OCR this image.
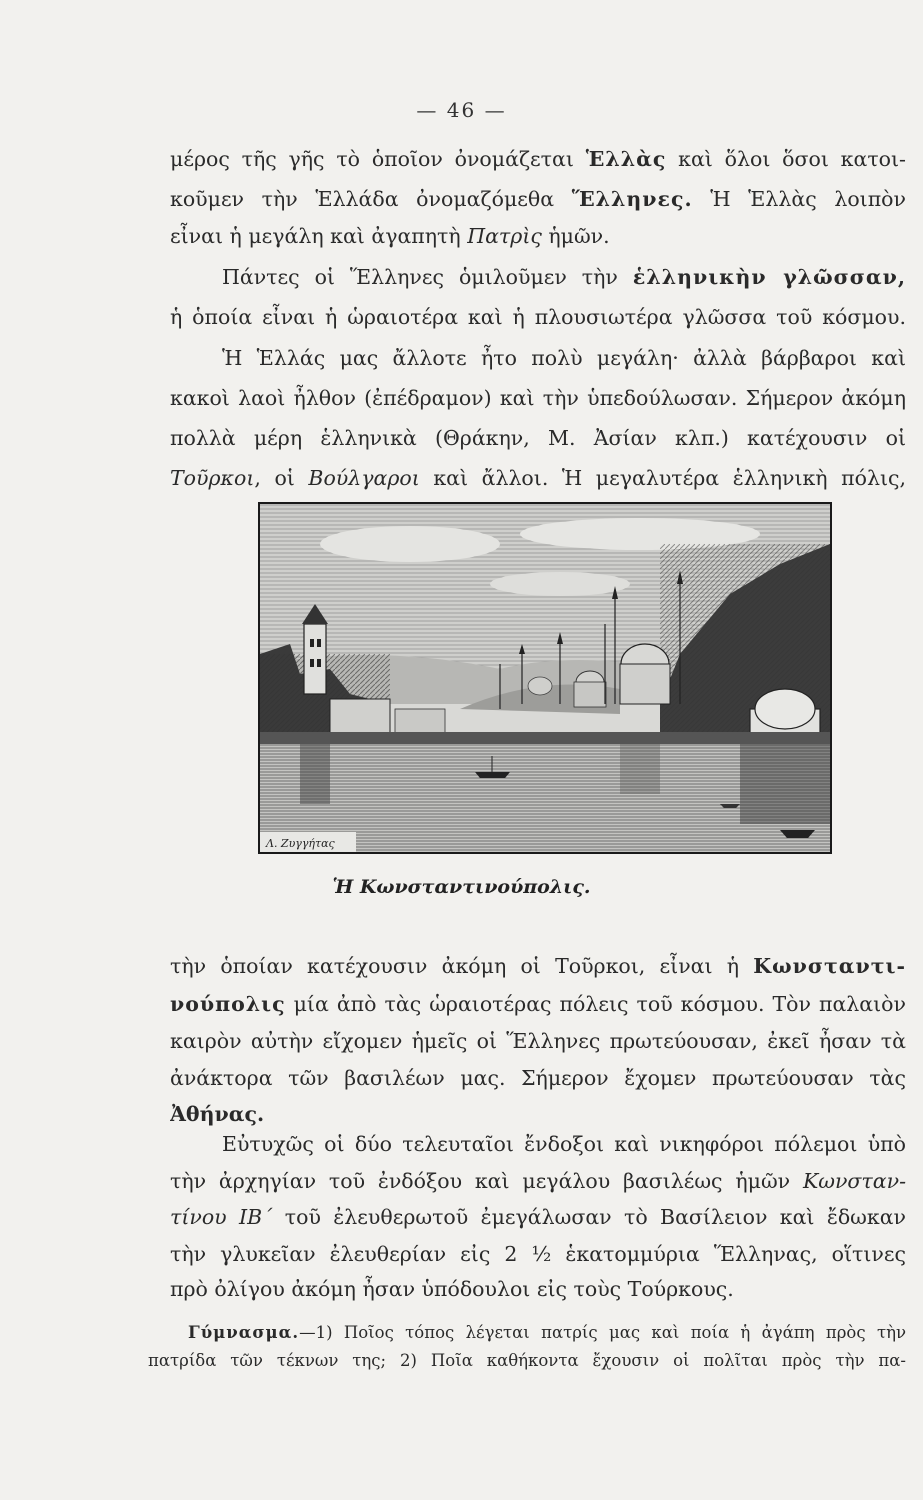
— 46 —
μέρος τῆς γῆς τὸ ὁποῖον ὀνομάζεται Ἑλλὰς καὶ ὅλοι ὅσοι κατοι-
κοῦμεν τὴν Ἑλλάδα ὀνομαζόμεθα Ἕλληνες. Ἡ Ἑλλὰς λοιπὸν
εἶναι ἡ μεγάλη καὶ ἀγαπητὴ Πατρὶς ἡμῶν.
Πάντες οἱ Ἕλληνες ὁμιλοῦμεν τὴν ἑλληνικὴν γλῶσσαν,
ἡ ὁποία εἶναι ἡ ὡραιοτέρα καὶ ἡ πλουσιωτέρα γλῶσσα τοῦ κόσμου.
Ἡ Ἑλλάς μας ἄλλοτε ἦτο πολὺ μεγάλη· ἀλλὰ βάρβαροι καὶ
κακοὶ λαοὶ ἦλθον (ἐπέδραμον) καὶ τὴν ὑπεδούλωσαν. Σήμερον ἀκόμη
πολλὰ μέρη ἑλληνικὰ (Θράκην, Μ. Ἀσίαν κλπ.) κατέχουσιν οἱ
Τοῦρκοι, οἱ Βούλγαροι καὶ ἄλλοι. Ἡ μεγαλυτέρα ἑλληνικὴ πόλις,
Λ. Ζυγγήτας
Ἡ Κωνσταντινούπολις.
τὴν ὁποίαν κατέχουσιν ἀκόμη οἱ Τοῦρκοι, εἶναι ἡ Κωνσταντι-
νούπολις μία ἀπὸ τὰς ὡραιοτέρας πόλεις τοῦ κόσμου. Τὸν παλαιὸν
καιρὸν αὐτὴν εἴχομεν ἡμεῖς οἱ Ἕλληνες πρωτεύουσαν, ἐκεῖ ἦσαν τὰ
ἀνάκτορα τῶν βασιλέων μας. Σήμερον ἔχομεν πρωτεύουσαν τὰς
Ἀθήνας.
Εὐτυχῶς οἱ δύο τελευταῖοι ἔνδοξοι καὶ νικηφόροι πόλεμοι ὑπὸ
τὴν ἀρχηγίαν τοῦ ἐνδόξου καὶ μεγάλου βασιλέως ἡμῶν Κωνσταν-
τίνου ΙΒ΄ τοῦ ἐλευθερωτοῦ ἐμεγάλωσαν τὸ Βασίλειον καὶ ἔδωκαν
τὴν γλυκεῖαν ἐλευθερίαν εἰς 2 ½ ἑκατομμύρια Ἕλληνας, οἵτινες
πρὸ ὀλίγου ἀκόμη ἦσαν ὑπόδουλοι εἰς τοὺς Τούρκους.
Γύμνασμα.—1) Ποῖος τόπος λέγεται πατρίς μας καὶ ποία ἡ ἀγάπη πρὸς τὴν
πατρίδα τῶν τέκνων της; 2) Ποῖα καθήκοντα ἔχουσιν οἱ πολῖται πρὸς τὴν πα-
